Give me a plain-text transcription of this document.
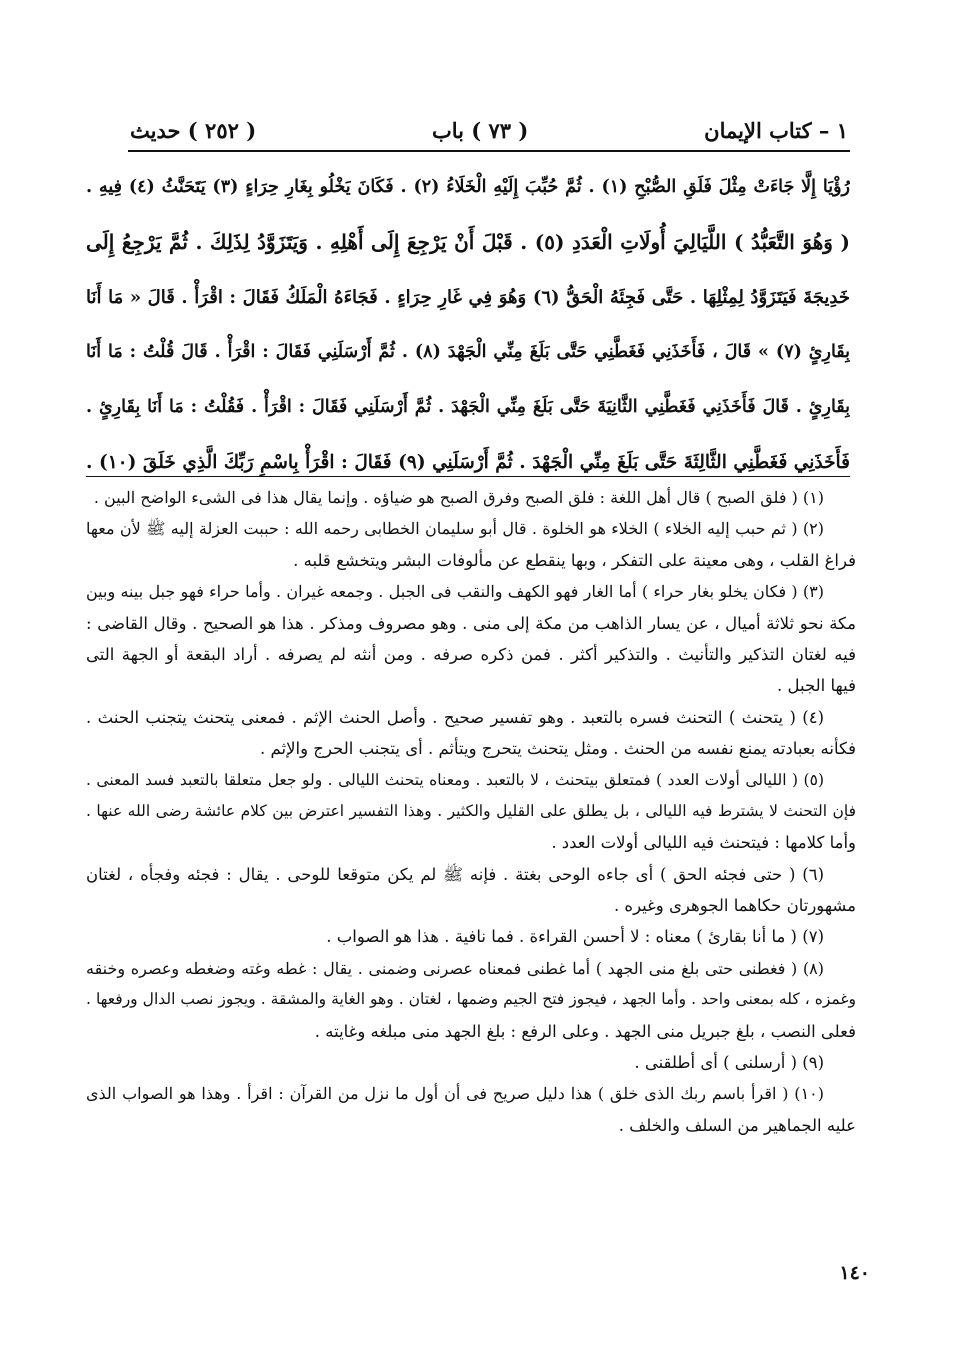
١ – كتاب الإيمان
( ٧٣ ) باب
( ٢٥٢ ) حديث

رُؤْيَا إِلَّا جَاءَتْ مِثْلَ فَلَقِ الصُّبْحِ (١) . ثُمَّ حُبِّبَ إِلَيْهِ الْخَلَاءُ (٢) . فَكَانَ يَخْلُو بِغَارِ حِرَاءٍ (٣) يَتَحَنَّثُ (٤) فِيهِ .

( وَهُوَ التَّعَبُّدُ ) اللَّيَالِيَ أُولَاتِ الْعَدَدِ (٥) . قَبْلَ أَنْ يَرْجِعَ إِلَى أَهْلِهِ . وَيَتَزَوَّدُ لِذَلِكَ . ثُمَّ يَرْجِعُ إِلَى

خَدِيجَةَ فَيَتَزَوَّدُ لِمِثْلِهَا . حَتَّى فَجِئَهُ الْحَقُّ (٦) وَهُوَ فِي غَارِ حِرَاءٍ . فَجَاءَهُ الْمَلَكُ فَقَالَ : اقْرَأْ . قَالَ « مَا أَنَا

بِقَارِئٍ (٧) » قَالَ ، فَأَخَذَنِي فَغَطَّنِي حَتَّى بَلَغَ مِنِّي الْجَهْدَ (٨) . ثُمَّ أَرْسَلَنِي فَقَالَ : اقْرَأْ . قَالَ قُلْتُ : مَا أَنَا

بِقَارِئٍ . قَالَ فَأَخَذَنِي فَغَطَّنِي الثَّانِيَةَ حَتَّى بَلَغَ مِنِّي الْجَهْدَ . ثُمَّ أَرْسَلَنِي فَقَالَ : اقْرَأْ . فَقُلْتُ : مَا أَنَا بِقَارِئٍ .

فَأَخَذَنِي فَغَطَّنِي الثَّالِثَةَ حَتَّى بَلَغَ مِنِّي الْجَهْدَ . ثُمَّ أَرْسَلَنِي (٩) فَقَالَ : اقْرَأْ بِاسْمِ رَبِّكَ الَّذِي خَلَقَ (١٠) .

(١) ( فلق الصبح ) قال أهل اللغة : فلق الصبح وفرق الصبح هو ضياؤه . وإنما يقال هذا فى الشىء الواضح البين .

(٢) ( ثم حبب إليه الخلاء ) الخلاء هو الخلوة . قال أبو سليمان الخطابى رحمه الله : حببت العزلة إليه ﷺ لأن معها

فراغ القلب ، وهى معينة على التفكر ، وبها ينقطع عن مألوفات البشر ويتخشع قلبه .

(٣) ( فكان يخلو بغار حراء ) أما الغار فهو الكهف والنقب فى الجبل . وجمعه غيران . وأما حراء فهو جبل بينه وبين

مكة نحو ثلاثة أميال ، عن يسار الذاهب من مكة إلى منى . وهو مصروف ومذكر . هذا هو الصحيح . وقال القاضى :

فيه لغتان التذكير والتأنيث . والتذكير أكثر . فمن ذكره صرفه . ومن أنثه لم يصرفه . أراد البقعة أو الجهة التى

فيها الجبل .

(٤) ( يتحنث ) التحنث فسره بالتعبد . وهو تفسير صحيح . وأصل الحنث الإثم . فمعنى يتحنث يتجنب الحنث .

فكأنه بعبادته يمنع نفسه من الحنث . ومثل يتحنث يتحرج ويتأثم . أى يتجنب الحرج والإثم .

(٥) ( الليالى أولات العدد ) فمتعلق بيتحنث ، لا بالتعبد . ومعناه يتحنث الليالى . ولو جعل متعلقا بالتعبد فسد المعنى .

فإن التحنث لا يشترط فيه الليالى ، بل يطلق على القليل والكثير . وهذا التفسير اعترض بين كلام عائشة رضى الله عنها .

وأما كلامها : فيتحنث فيه الليالى أولات العدد .

(٦) ( حتى فجئه الحق ) أى جاءه الوحى بغتة . فإنه ﷺ لم يكن متوقعا للوحى . يقال : فجئه وفجأه ، لغتان

مشهورتان حكاهما الجوهرى وغيره .

(٧) ( ما أنا بقارئ ) معناه : لا أحسن القراءة . فما نافية . هذا هو الصواب .

(٨) ( فغطنى حتى بلغ منى الجهد ) أما غطنى فمعناه عصرنى وضمنى . يقال : غطه وغته وضغطه وعصره وخنقه

وغمزه ، كله بمعنى واحد . وأما الجهد ، فيجوز فتح الجيم وضمها ، لغتان . وهو الغاية والمشقة . ويجوز نصب الدال ورفعها .

فعلى النصب ، بلغ جبريل منى الجهد . وعلى الرفع : بلغ الجهد منى مبلغه وغايته .

(٩) ( أرسلنى ) أى أطلقنى .

(١٠) ( اقرأ باسم ربك الذى خلق ) هذا دليل صريح فى أن أول ما نزل من القرآن : اقرأ . وهذا هو الصواب الذى

عليه الجماهير من السلف والخلف .

١٤٠
